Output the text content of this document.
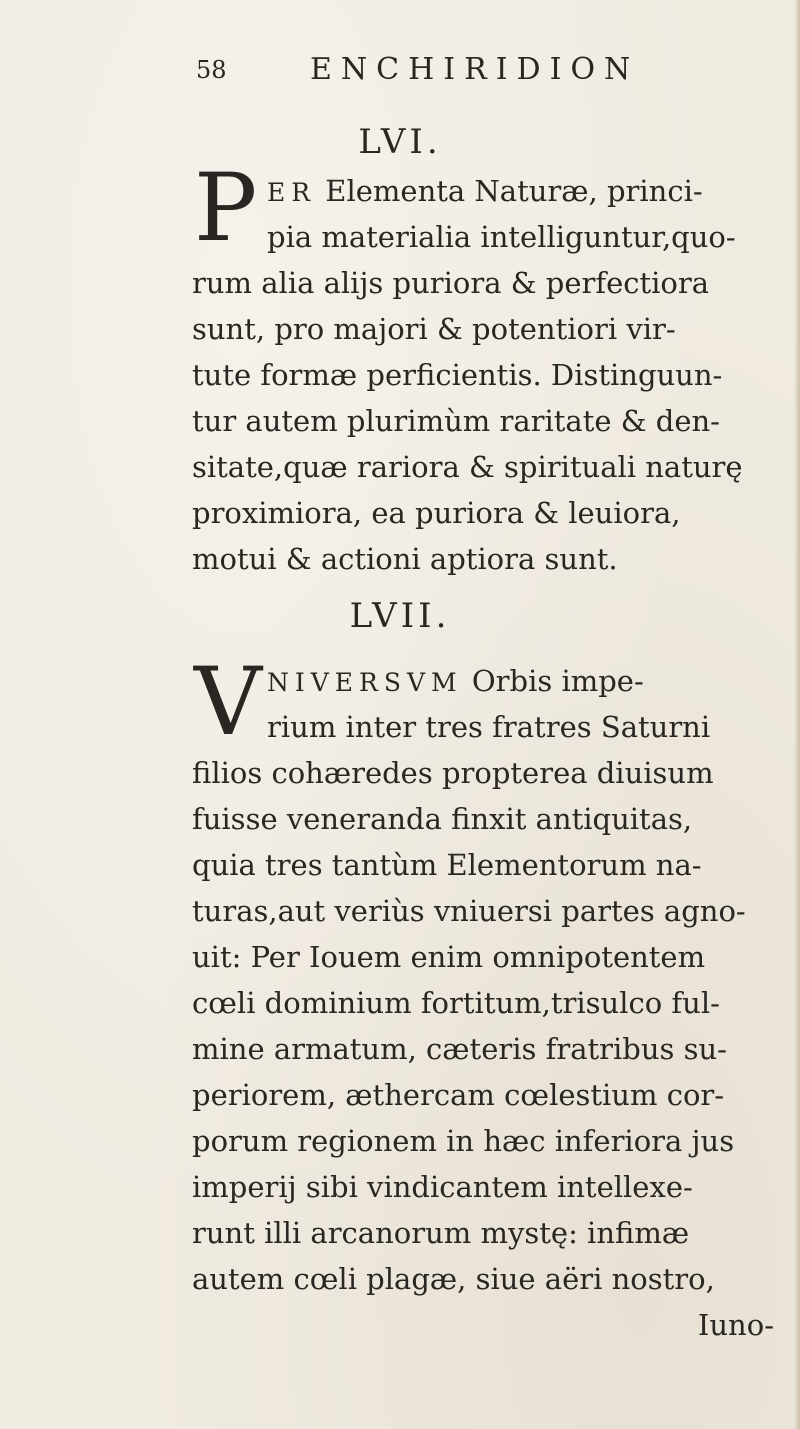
58	ENCHIRIDION
LVI.
P ER Elementa Naturæ, princi-
pia materialia intelliguntur,quo-
rum alia alijs puriora & perfectiora
sunt, pro majori & potentiori vir-
tute formæ perficientis. Distinguun-
tur autem plurimùm raritate & den-
sitate,quæ rariora & spirituali naturę
proximiora, ea puriora & leuiora,
motui & actioni aptiora sunt.
LVII.
V NIVERSVM Orbis impe-
rium inter tres fratres Saturni
filios cohæredes propterea diuisum
fuisse veneranda finxit antiquitas,
quia tres tantùm Elementorum na-
turas,aut veriùs vniuersi partes agno-
uit: Per Iouem enim omnipotentem
cœli dominium fortitum,trisulco ful-
mine armatum, cæteris fratribus su-
periorem, æthercam cœlestium cor-
porum regionem in hæc inferiora jus
imperij sibi vindicantem intellexe-
runt illi arcanorum mystę: infimæ
autem cœli plagæ, siue aëri nostro,
Iuno-
